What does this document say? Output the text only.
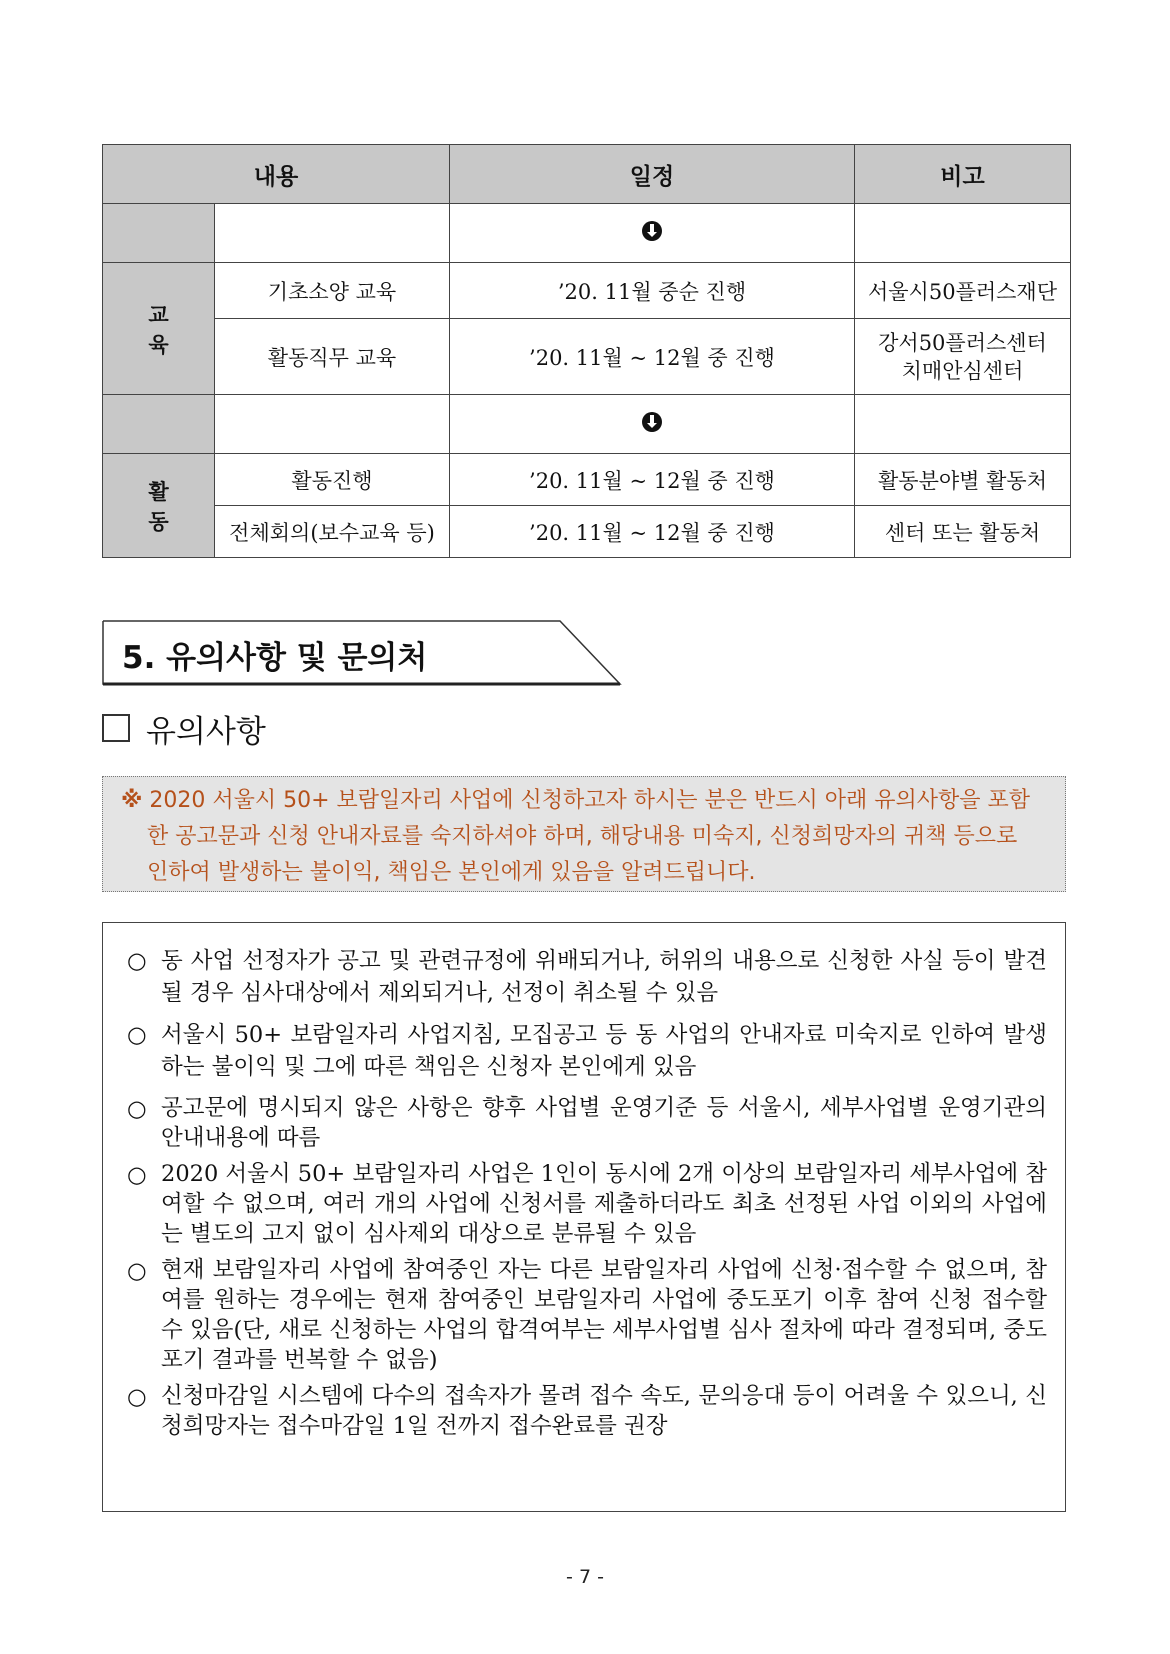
내용		일정	비고

교육	기초소양 교육	’20. 11월 중순 진행	서울시50플러스재단
	활동직무 교육	’20. 11월 ~ 12월 중 진행	강서50플러스센터
치매안심센터

활동	활동진행	’20. 11월 ~ 12월 중 진행	활동분야별 활동처
	전체회의(보수교육 등)	’20. 11월 ~ 12월 중 진행	센터 또는 활동처
5. 유의사항 및 문의처
유의사항
※ 2020 서울시 50+ 보람일자리 사업에 신청하고자 하시는 분은 반드시 아래 유의사항을 포함한 공고문과 신청 안내자료를 숙지하셔야 하며, 해당내용 미숙지, 신청희망자의 귀책 등으로 인하여 발생하는 불이익, 책임은 본인에게 있음을 알려드립니다.
○ 동 사업 선정자가 공고 및 관련규정에 위배되거나, 허위의 내용으로 신청한 사실 등이 발견될 경우 심사대상에서 제외되거나, 선정이 취소될 수 있음
○ 서울시 50+ 보람일자리 사업지침, 모집공고 등 동 사업의 안내자료 미숙지로 인하여 발생하는 불이익 및 그에 따른 책임은 신청자 본인에게 있음
○ 공고문에 명시되지 않은 사항은 향후 사업별 운영기준 등 서울시, 세부사업별 운영기관의 안내내용에 따름
○ 2020 서울시 50+ 보람일자리 사업은 1인이 동시에 2개 이상의 보람일자리 세부사업에 참여할 수 없으며, 여러 개의 사업에 신청서를 제출하더라도 최초 선정된 사업 이외의 사업에는 별도의 고지 없이 심사제외 대상으로 분류될 수 있음
○ 현재 보람일자리 사업에 참여중인 자는 다른 보람일자리 사업에 신청·접수할 수 없으며, 참여를 원하는 경우에는 현재 참여중인 보람일자리 사업에 중도포기 이후 참여 신청 접수할 수 있음(단, 새로 신청하는 사업의 합격여부는 세부사업별 심사 절차에 따라 결정되며, 중도포기 결과를 번복할 수 없음)
○ 신청마감일 시스템에 다수의 접속자가 몰려 접수 속도, 문의응대 등이 어려울 수 있으니, 신청희망자는 접수마감일 1일 전까지 접수완료를 권장
- 7 -
